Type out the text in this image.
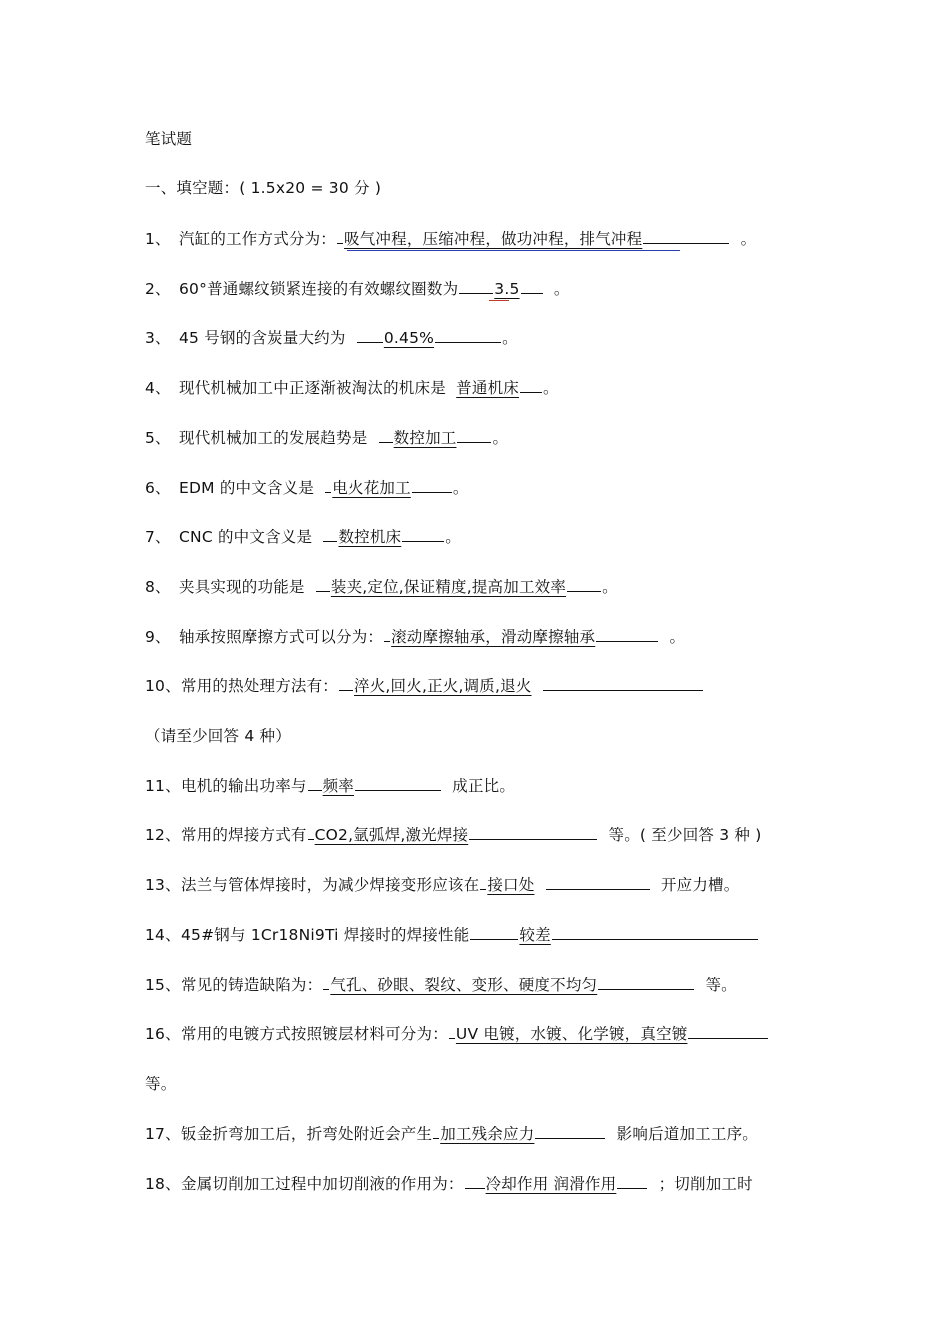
笔试题
一、填空题：( 1.5x20 = 30 分 )
1、 汽缸的工作方式分为： 吸气冲程，压缩冲程，做功冲程，排气冲程	。
2、 60°普通螺纹锁紧连接的有效螺纹圈数为 3.5 。
3、 45 号钢的含炭量大约为 0.45%	。
4、 现代机械加工中正逐渐被淘汰的机床是 普通机床 。
5、 现代机械加工的发展趋势是 数控加工 。
6、 EDM 的中文含义是 电火花加工	。
7、 CNC 的中文含义是 数控机床	。
8、 夹具实现的功能是 装夹,定位,保证精度,提高加工效率 。
9、 轴承按照摩擦方式可以分为： 滚动摩擦轴承，滑动摩擦轴承	。
10、常用的热处理方法有： 淬火,回火,正火,调质,退火
（请至少回答 4 种）
11、电机的输出功率与 频率	成正比。
12、常用的焊接方式有 CO2,氩弧焊,激光焊接	等。( 至少回答 3 种 )
13、法兰与管体焊接时，为减少焊接变形应该在 接口处	开应力槽。
14、45#钢与 1Cr18Ni9Ti 焊接时的焊接性能	较差
15、常见的铸造缺陷为： 气孔、砂眼、裂纹、变形、硬度不均匀	等。
16、常用的电镀方式按照镀层材料可分为： UV 电镀，水镀、化学镀，真空镀
等。
17、钣金折弯加工后，折弯处附近会产生 加工残余应力	影响后道加工工序。
18、金属切削加工过程中加切削液的作用为： 冷却作用 润滑作用	；切削加工时
